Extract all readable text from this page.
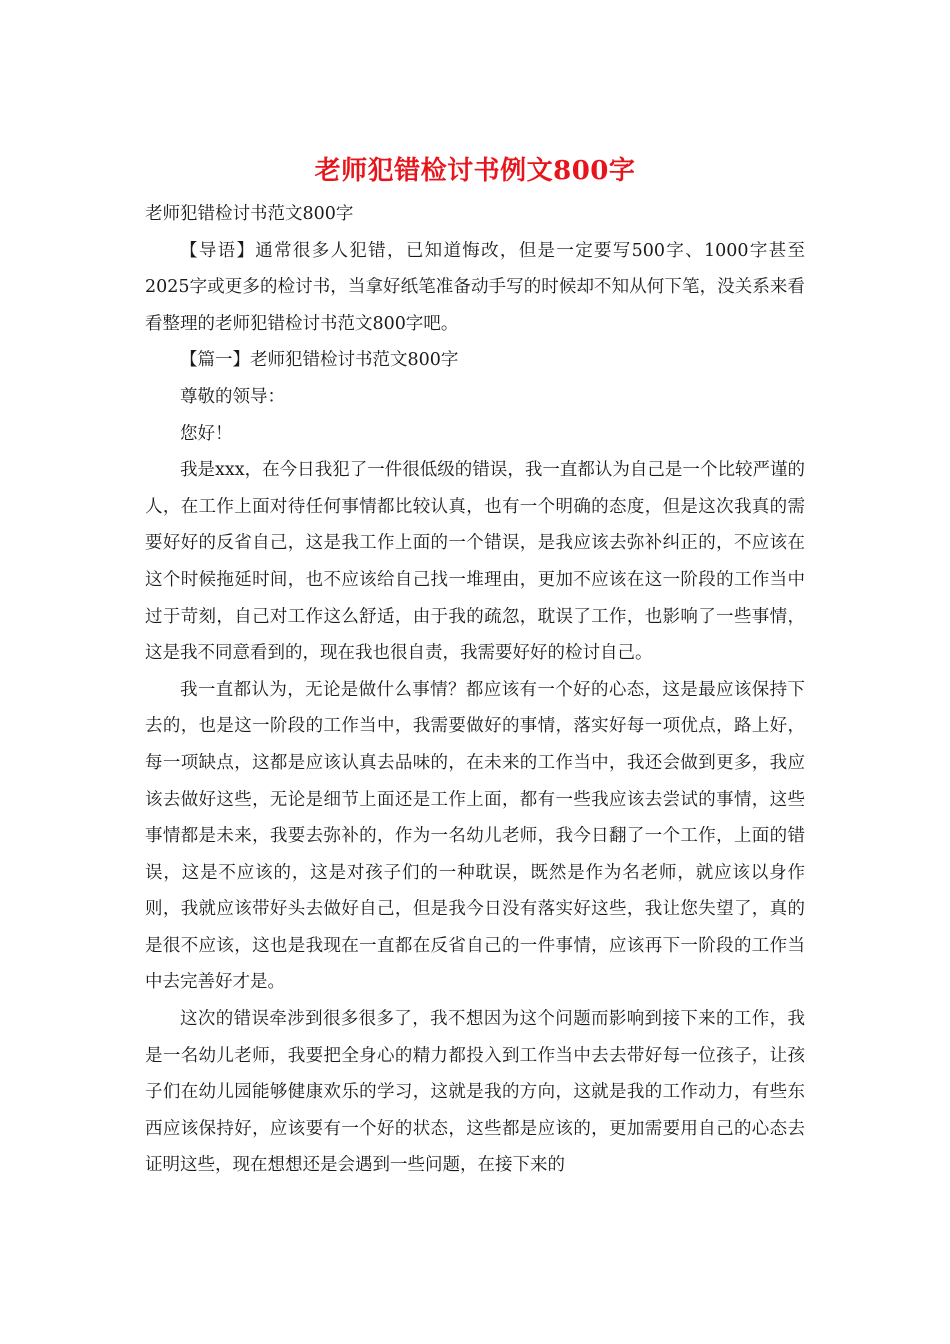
老师犯错检讨书例文800字

老师犯错检讨书范文800字

【导语】通常很多人犯错，已知道悔改，但是一定要写500字、1000字甚至2025字或更多的检讨书，当拿好纸笔准备动手写的时候却不知从何下笔，没关系来看看整理的老师犯错检讨书范文800字吧。

【篇一】老师犯错检讨书范文800字

尊敬的领导：

您好！

我是xxx，在今日我犯了一件很低级的错误，我一直都认为自己是一个比较严谨的人，在工作上面对待任何事情都比较认真，也有一个明确的态度，但是这次我真的需要好好的反省自己，这是我工作上面的一个错误，是我应该去弥补纠正的，不应该在这个时候拖延时间，也不应该给自己找一堆理由，更加不应该在这一阶段的工作当中过于苛刻，自己对工作这么舒适，由于我的疏忽，耽误了工作，也影响了一些事情，这是我不同意看到的，现在我也很自责，我需要好好的检讨自己。

我一直都认为，无论是做什么事情？都应该有一个好的心态，这是最应该保持下去的，也是这一阶段的工作当中，我需要做好的事情，落实好每一项优点，路上好，每一项缺点，这都是应该认真去品味的，在未来的工作当中，我还会做到更多，我应该去做好这些，无论是细节上面还是工作上面，都有一些我应该去尝试的事情，这些事情都是未来，我要去弥补的，作为一名幼儿老师，我今日翻了一个工作，上面的错误，这是不应该的，这是对孩子们的一种耽误，既然是作为名老师，就应该以身作则，我就应该带好头去做好自己，但是我今日没有落实好这些，我让您失望了，真的是很不应该，这也是我现在一直都在反省自己的一件事情，应该再下一阶段的工作当中去完善好才是。

这次的错误牵涉到很多很多了，我不想因为这个问题而影响到接下来的工作，我是一名幼儿老师，我要把全身心的精力都投入到工作当中去去带好每一位孩子，让孩子们在幼儿园能够健康欢乐的学习，这就是我的方向，这就是我的工作动力，有些东西应该保持好，应该要有一个好的状态，这些都是应该的，更加需要用自己的心态去证明这些，现在想想还是会遇到一些问题，在接下来的
